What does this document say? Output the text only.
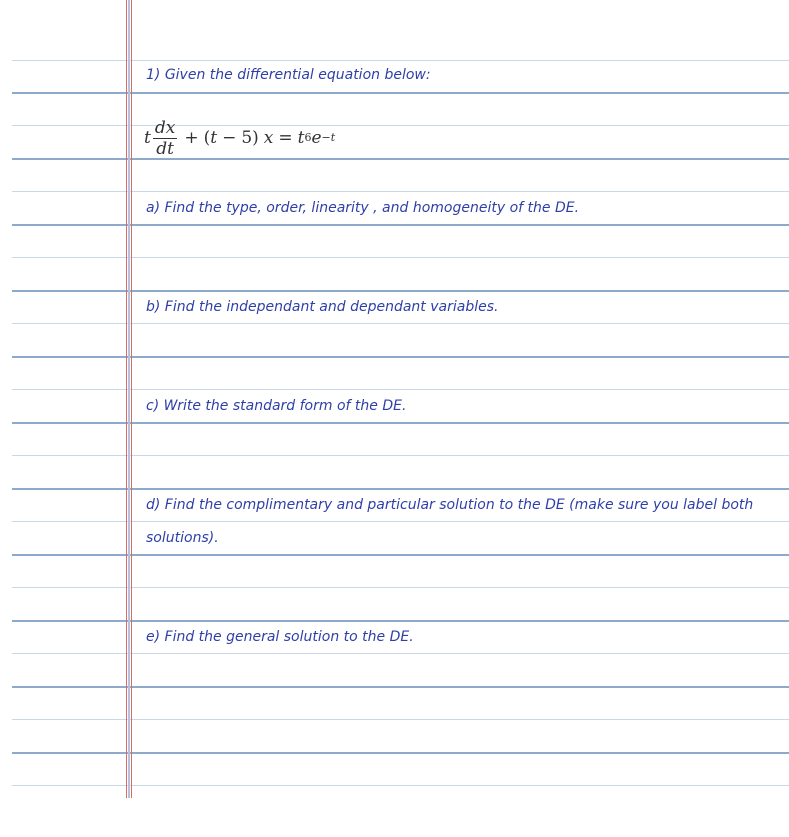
1) Given the differential equation below:
t $\frac{dx}{dt}$ + ( t − 5 ) x = t 6 e −t
a) Find the type, order, linearity , and homogeneity of the DE.
b) Find the independant and dependant variables.
c) Write the standard form of the DE.
d) Find the complimentary and particular solution to the DE (make sure you label both
solutions).
e) Find the general solution to the DE.
